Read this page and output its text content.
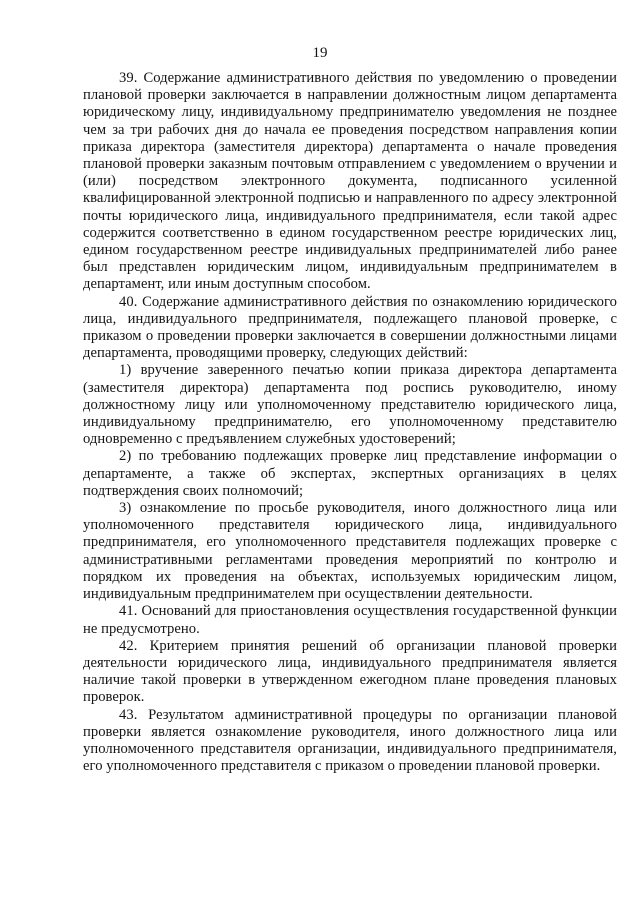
19

39. Содержание административного действия по уведомлению о проведении плановой проверки заключается в направлении должностным лицом департамента юридическому лицу, индивидуальному предпринимателю уведомления не позднее чем за три рабочих дня до начала ее проведения посредством направления копии приказа директора (заместителя директора) департамента о начале проведения плановой проверки заказным почтовым отправлением с уведомлением о вручении и (или) посредством электронного документа, подписанного усиленной квалифицированной электронной подписью и направленного по адресу электронной почты юридического лица, индивидуального предпринимателя, если такой адрес содержится соответственно в едином государственном реестре юридических лиц, едином государственном реестре индивидуальных предпринимателей либо ранее был представлен юридическим лицом, индивидуальным предпринимателем в департамент, или иным доступным способом.

40. Содержание административного действия по ознакомлению юридического лица, индивидуального предпринимателя, подлежащего плановой проверке, с приказом о проведении проверки заключается в совершении должностными лицами департамента, проводящими проверку, следующих действий:

1) вручение заверенного печатью копии приказа директора департамента (заместителя директора) департамента под роспись руководителю, иному должностному лицу или уполномоченному представителю юридического лица, индивидуальному предпринимателю, его уполномоченному представителю одновременно с предъявлением служебных удостоверений;

2) по требованию подлежащих проверке лиц представление информации о департаменте, а также об экспертах, экспертных организациях в целях подтверждения своих полномочий;

3) ознакомление по просьбе руководителя, иного должностного лица или уполномоченного представителя юридического лица, индивидуального предпринимателя, его уполномоченного представителя подлежащих проверке с административными регламентами проведения мероприятий по контролю и порядком их проведения на объектах, используемых юридическим лицом, индивидуальным предпринимателем при осуществлении деятельности.

41. Оснований для приостановления осуществления государственной функции не предусмотрено.

42. Критерием принятия решений об организации плановой проверки деятельности юридического лица, индивидуального предпринимателя является наличие такой проверки в утвержденном ежегодном плане проведения плановых проверок.

43. Результатом административной процедуры по организации плановой проверки является ознакомление руководителя, иного должностного лица или уполномоченного представителя организации, индивидуального предпринимателя, его уполномоченного представителя с приказом о проведении плановой проверки.
